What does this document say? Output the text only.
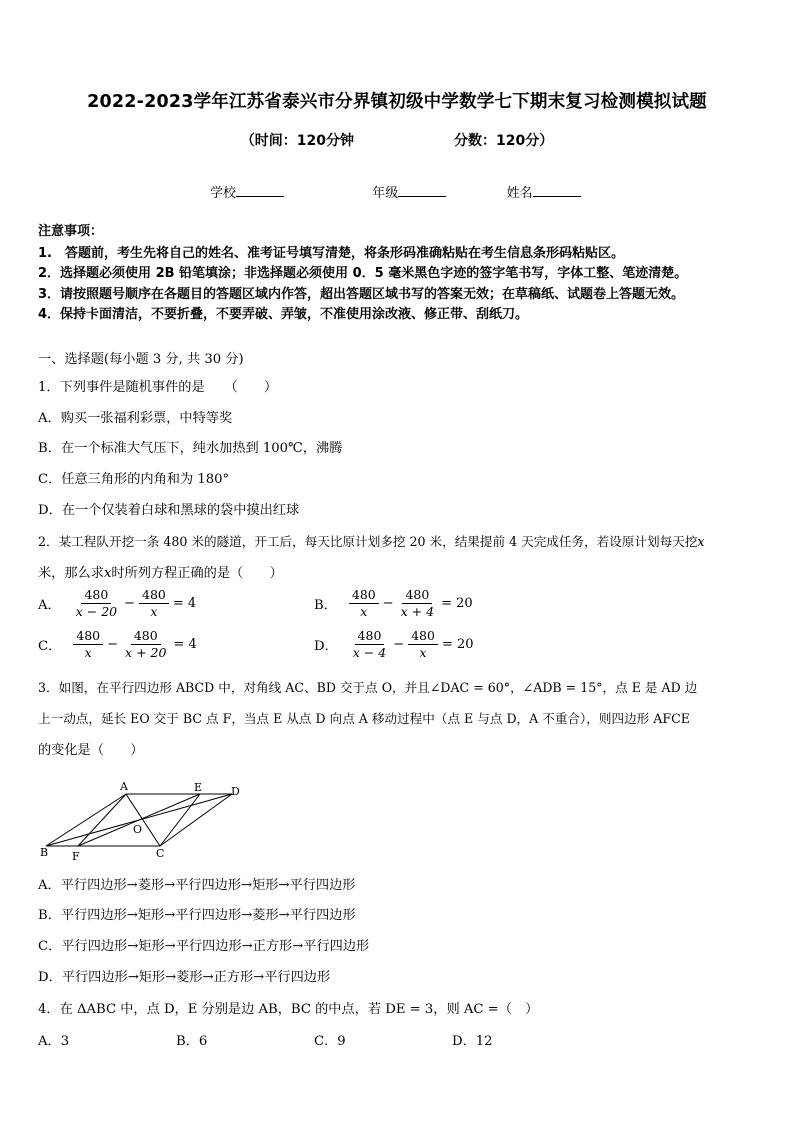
2022-2023学年江苏省泰兴市分界镇初级中学数学七下期末复习检测模拟试题
（时间：120分钟	分数：120分）
学校	年级	姓名
注意事项：
1.　答题前，考生先将自己的姓名、准考证号填写清楚，将条形码准确粘贴在考生信息条形码粘贴区。
2．选择题必须使用 2B 铅笔填涂；非选择题必须使用 0．5 毫米黑色字迹的签字笔书写，字体工整、笔迹清楚。
3．请按照题号顺序在各题目的答题区域内作答，超出答题区域书写的答案无效；在草稿纸、试题卷上答题无效。
4．保持卡面清洁，不要折叠，不要弄破、弄皱，不准使用涂改液、修正带、刮纸刀。
一、选择题(每小题 3 分, 共 30 分)
1．下列事件是随机事件的是　　（　　）
A．购买一张福利彩票，中特等奖
B．在一个标准大气压下，纯水加热到 100℃，沸腾
C．任意三角形的内角和为 180°
D．在一个仅装着白球和黑球的袋中摸出红球
2．某工程队开挖一条 480 米的隧道，开工后，每天比原计划多挖 20 米，结果提前 4 天完成任务，若设原计划每天挖x
米，那么求x时所列方程正确的是（　　）
A． $\frac{480}{x - 20} - \frac{480}{x} = 4$	B． $\frac{480}{x} - \frac{480}{x + 4} = 20$
C． $\frac{480}{x} - \frac{480}{x + 20} = 4$	D． $\frac{480}{x - 4} - \frac{480}{x} = 20$
3．如图，在平行四边形 ABCD 中，对角线 AC、BD 交于点 O，并且∠DAC = 60°，∠ADB = 15°，点 E 是 AD 边
上一动点，延长 EO 交于 BC 点 F，当点 E 从点 D 向点 A 移动过程中（点 E 与点 D，A 不重合），则四边形 AFCE
的变化是（　　）
A	E	D
O
B F	C
A．平行四边形→菱形→平行四边形→矩形→平行四边形
B．平行四边形→矩形→平行四边形→菱形→平行四边形
C．平行四边形→矩形→平行四边形→正方形→平行四边形
D．平行四边形→矩形→菱形→正方形→平行四边形
4．在 ΔABC 中，点 D，E 分别是边 AB，BC 的中点，若 DE = 3，则 AC =（　）
A．3	B．6	C．9	D．12
